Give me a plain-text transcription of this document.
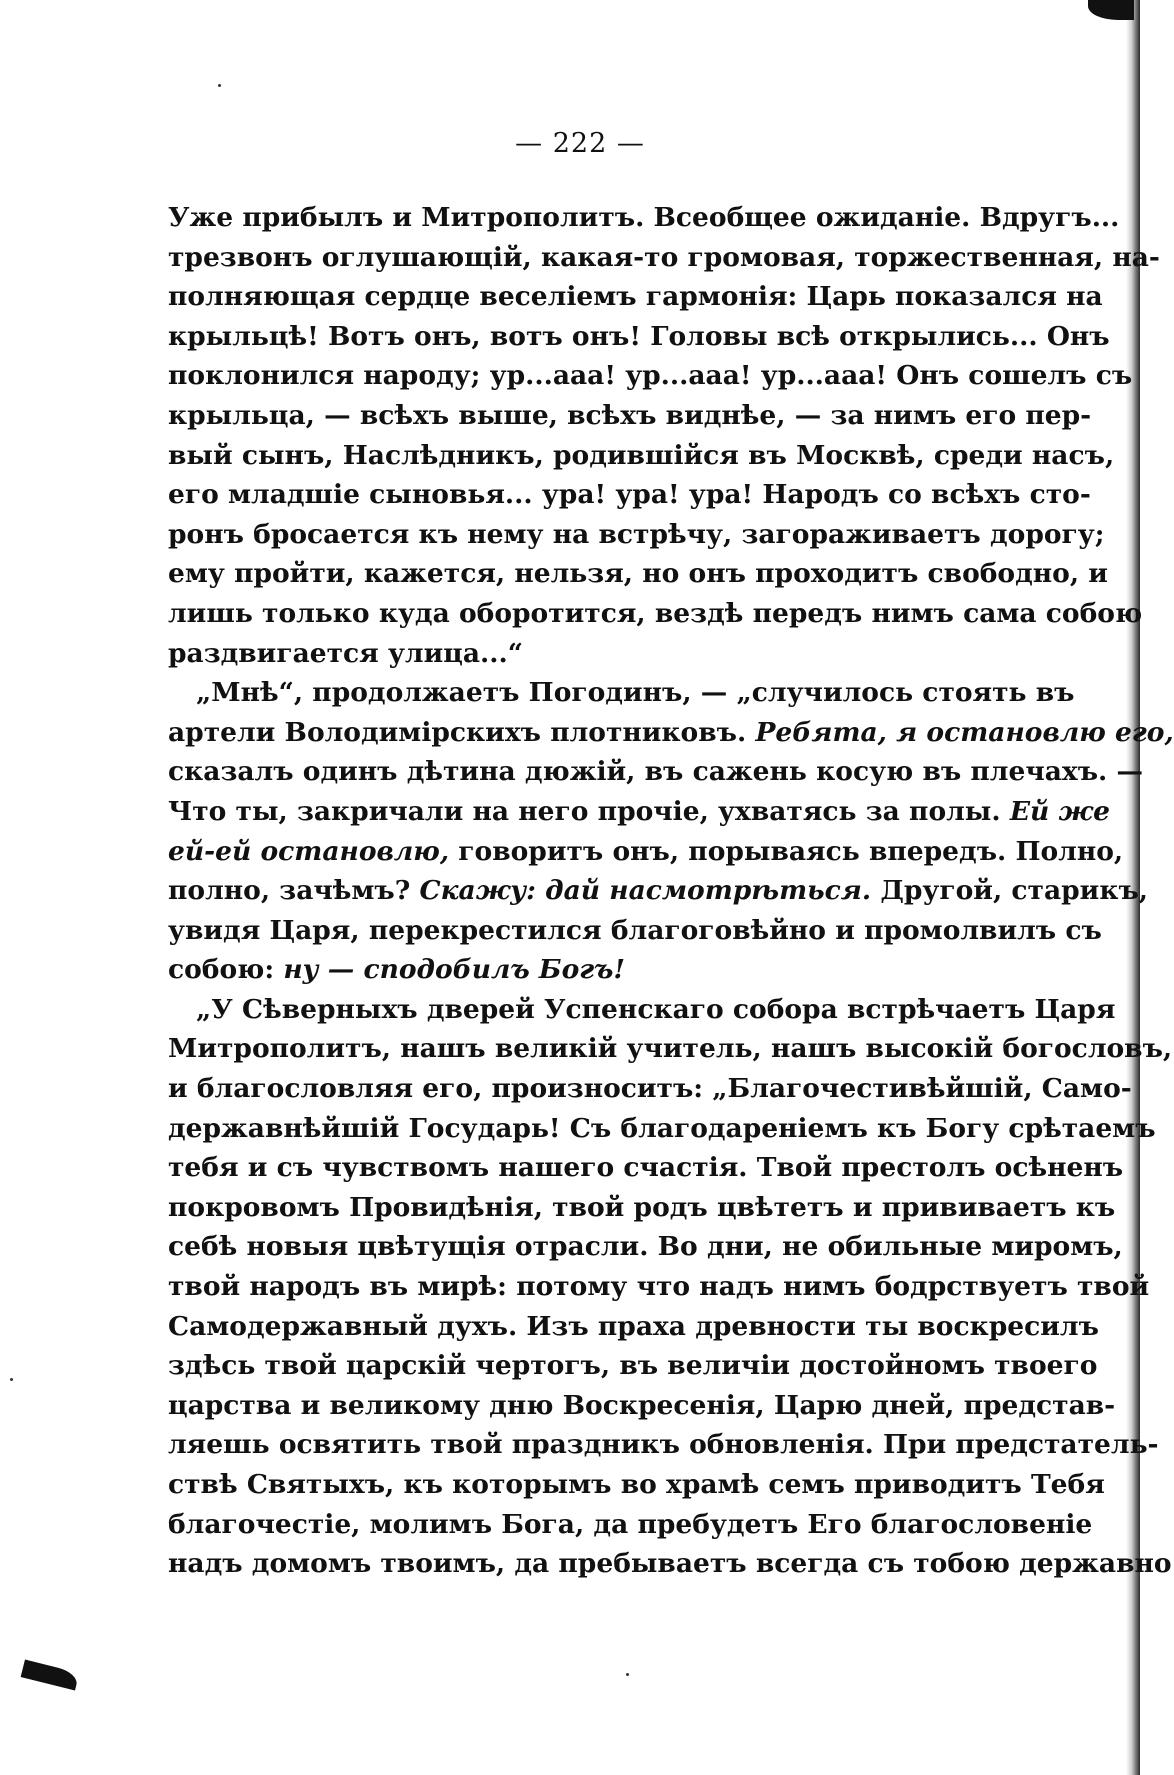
— 222 —
Уже прибылъ и Митрополитъ. Всеобщее ожиданіе. Вдругъ...
трезвонъ оглушающій, какая-то громовая, торжественная, на-
полняющая сердце веселіемъ гармонія: Царь показался на
крыльцѣ! Вотъ онъ, вотъ онъ! Головы всѣ открылись... Онъ
поклонился народу; ур...ааа! ур...ааа! ур...ааа! Онъ сошелъ съ
крыльца, — всѣхъ выше, всѣхъ виднѣе, — за нимъ его пер-
вый сынъ, Наслѣдникъ, родившійся въ Москвѣ, среди насъ,
его младшіе сыновья... ура! ура! ура! Народъ со всѣхъ сто-
ронъ бросается къ нему на встрѣчу, загораживаетъ дорогу;
ему пройти, кажется, нельзя, но онъ проходитъ свободно, и
лишь только куда оборотится, вездѣ передъ нимъ сама собою
раздвигается улица...“
„Мнѣ“, продолжаетъ Погодинъ, — „случилось стоять въ
артели Володимірскихъ плотниковъ. Ребята, я остановлю его,
сказалъ одинъ дѣтина дюжій, въ сажень косую въ плечахъ. —
Что ты, закричали на него прочіе, ухватясь за полы. Ей же
ей-ей остановлю, говоритъ онъ, порываясь впередъ. Полно,
полно, зачѣмъ? Скажу: дай насмотрѣться. Другой, старикъ,
увидя Царя, перекрестился благоговѣйно и промолвилъ съ
собою: ну — сподобилъ Богъ!
„У Сѣверныхъ дверей Успенскаго собора встрѣчаетъ Царя
Митрополитъ, нашъ великій учитель, нашъ высокій богословъ,
и благословляя его, произноситъ: „Благочестивѣйшій, Само-
державнѣйшій Государь! Съ благодареніемъ къ Богу срѣтаемъ
тебя и съ чувствомъ нашего счастія. Твой престолъ осѣненъ
покровомъ Провидѣнія, твой родъ цвѣтетъ и прививаетъ къ
себѣ новыя цвѣтущія отрасли. Во дни, не обильные миромъ,
твой народъ въ мирѣ: потому что надъ нимъ бодрствуетъ твой
Самодержавный духъ. Изъ праха древности ты воскресилъ
здѣсь твой царскій чертогъ, въ величіи достойномъ твоего
царства и великому дню Воскресенія, Царю дней, представ-
ляешь освятить твой праздникъ обновленія. При предстатель-
ствѣ Святыхъ, къ которымъ во храмѣ семъ приводитъ Тебя
благочестіе, молимъ Бога, да пребудетъ Его благословеніе
надъ домомъ твоимъ, да пребываетъ всегда съ тобою державно
